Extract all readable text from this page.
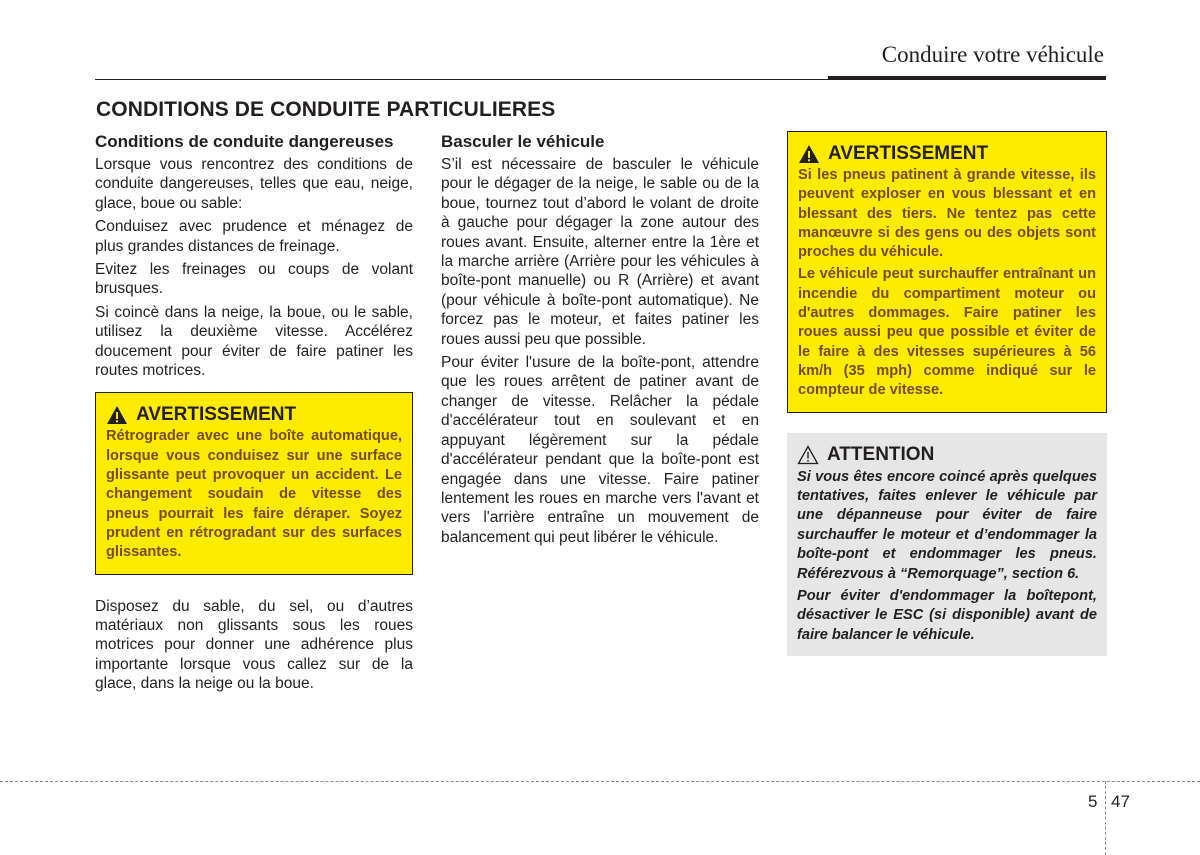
Conduire votre véhicule
CONDITIONS DE CONDUITE PARTICULIERES
Conditions de conduite dangereuses

Lorsque vous rencontrez des conditions de conduite dangereuses, telles que eau, neige, glace, boue ou sable:

Conduisez avec prudence et ménagez de plus grandes distances de freinage.

Evitez les freinages ou coups de volant brusques.

Si coincè dans la neige, la boue, ou le sable, utilisez la deuxième vitesse. Accélérez doucement pour éviter de faire patiner les routes motrices.

AVERTISSEMENT

Rétrograder avec une boîte automatique, lorsque vous conduisez sur une surface glissante peut provoquer un accident. Le changement soudain de vitesse des pneus pourrait les faire déraper. Soyez prudent en rétrogradant sur des surfaces glissantes.

Disposez du sable, du sel, ou d’autres matériaux non glissants sous les roues motrices pour donner une adhérence plus importante lorsque vous callez sur de la glace, dans la neige ou la boue.

Basculer le véhicule

S’il est nécessaire de basculer le véhicule pour le dégager de la neige, le sable ou de la boue, tournez tout d’abord le volant de droite à gauche pour dégager la zone autour des roues avant. Ensuite, alterner entre la 1ère et la marche arrière (Arrière pour les véhicules à boîte-pont manuelle) ou R (Arrière) et avant (pour véhicule à boîte-pont automatique). Ne forcez pas le moteur, et faites patiner les roues aussi peu que possible.

Pour éviter l'usure de la boîte-pont, attendre que les roues arrêtent de patiner avant de changer de vitesse. Relâcher la pédale d'accélérateur tout en soulevant et en appuyant légèrement sur la pédale d'accélérateur pendant que la boîte-pont est engagée dans une vitesse. Faire patiner lentement les roues en marche vers l'avant et vers l'arrière entraîne un mouvement de balancement qui peut libérer le véhicule.

AVERTISSEMENT

Si les pneus patinent à grande vitesse, ils peuvent exploser en vous blessant et en blessant des tiers. Ne tentez pas cette manœuvre si des gens ou des objets sont proches du véhicule.

Le véhicule peut surchauffer entraînant un incendie du compartiment moteur ou d'autres dommages. Faire patiner les roues aussi peu que possible et éviter de le faire à des vitesses supérieures à 56 km/h (35 mph) comme indiqué sur le compteur de vitesse.

ATTENTION

Si vous êtes encore coincé après quelques tentatives, faites enlever le véhicule par une dépanneuse pour éviter de faire surchauffer le moteur et d’endommager la boîte-pont et endommager les pneus. Référezvous à “Remorquage”, section 6.

Pour éviter d'endommager la boîtepont, désactiver le ESC (si disponible) avant de faire balancer le véhicule.

5 47
